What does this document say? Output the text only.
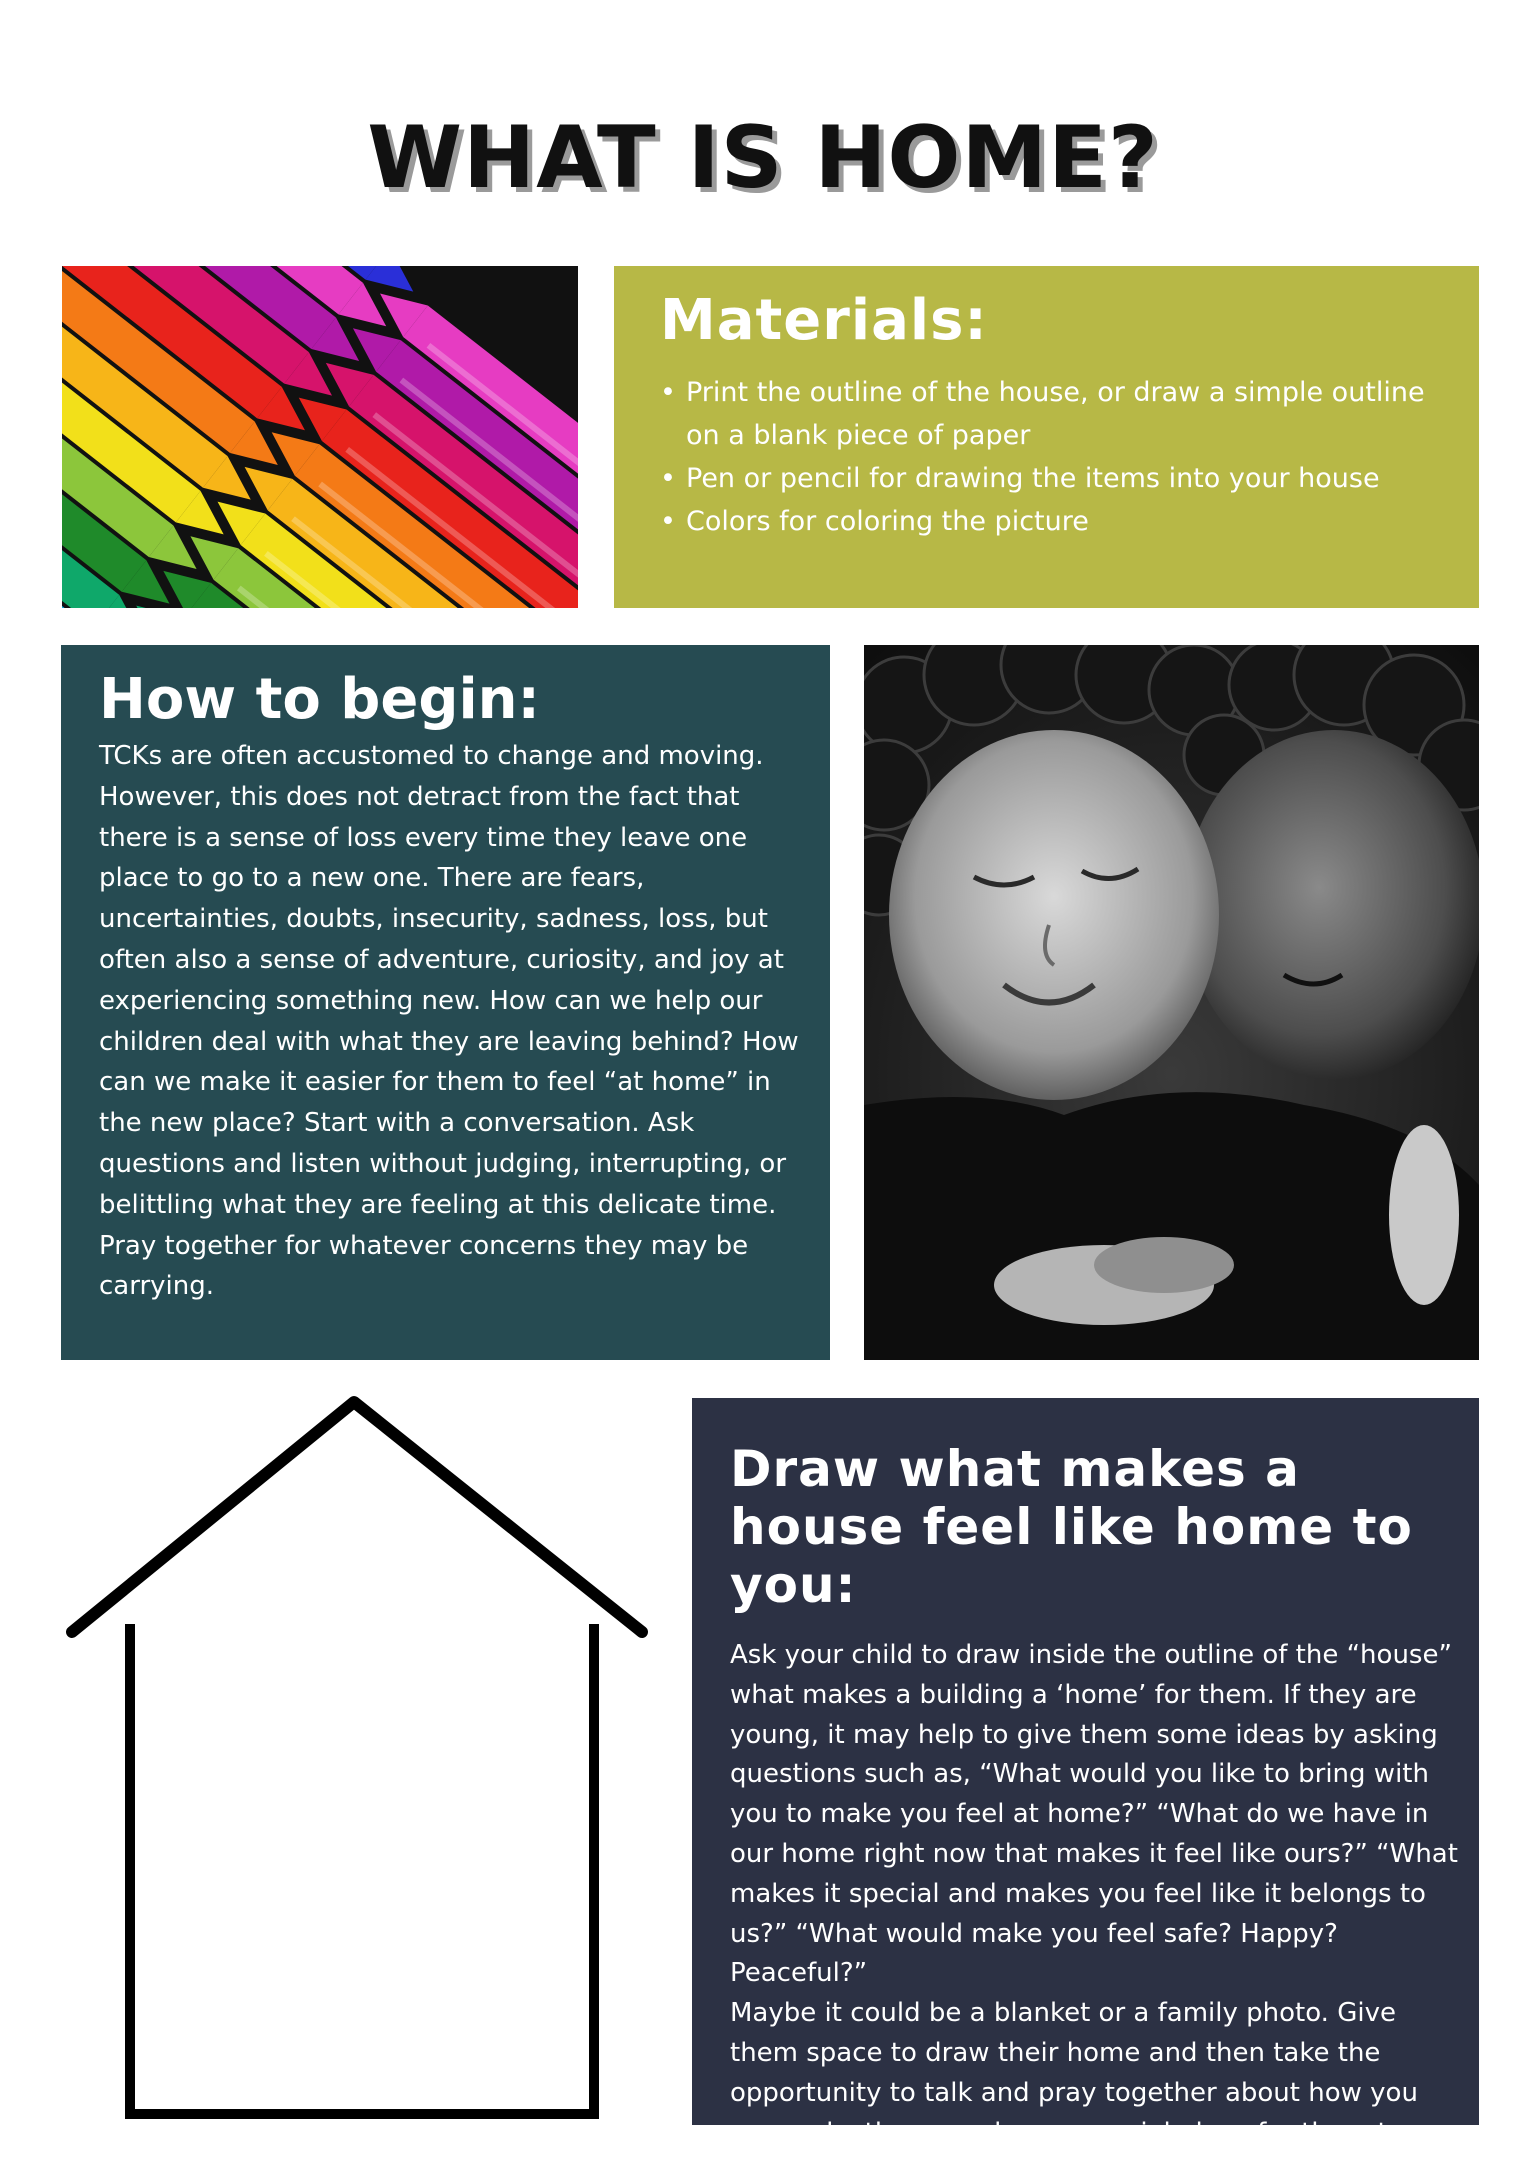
WHAT IS HOME?
Materials:
• Print the outline of the house, or draw a simple outline on a blank piece of paper
• Pen or pencil for drawing the items into your house
• Colors for coloring the picture
How to begin:

TCKs are often accustomed to change and moving. However, this does not detract from the fact that there is a sense of loss every time they leave one place to go to a new one. There are fears, uncertainties, doubts, insecurity, sadness, loss, but often also a sense of adventure, curiosity, and joy at experiencing something new. How can we help our children deal with what they are leaving behind? How can we make it easier for them to feel “at home” in the new place? Start with a conversation. Ask questions and listen without judging, interrupting, or belittling what they are feeling at this delicate time.

Pray together for whatever concerns they may be carrying.

Draw what makes a house feel like home to you:

Ask your child to draw inside the outline of the “house” what makes a building a ‘home’ for them. If they are young, it may help to give them some ideas by asking questions such as, “What would you like to bring with you to make you feel at home?” “What do we have in our home right now that makes it feel like ours?” “What makes it special and makes you feel like it belongs to us?” “What would make you feel safe? Happy? Peaceful?”

Maybe it could be a blanket or a family photo. Give them space to draw their home and then take the opportunity to talk and pray together about how you can make the new place a special place for them too.
